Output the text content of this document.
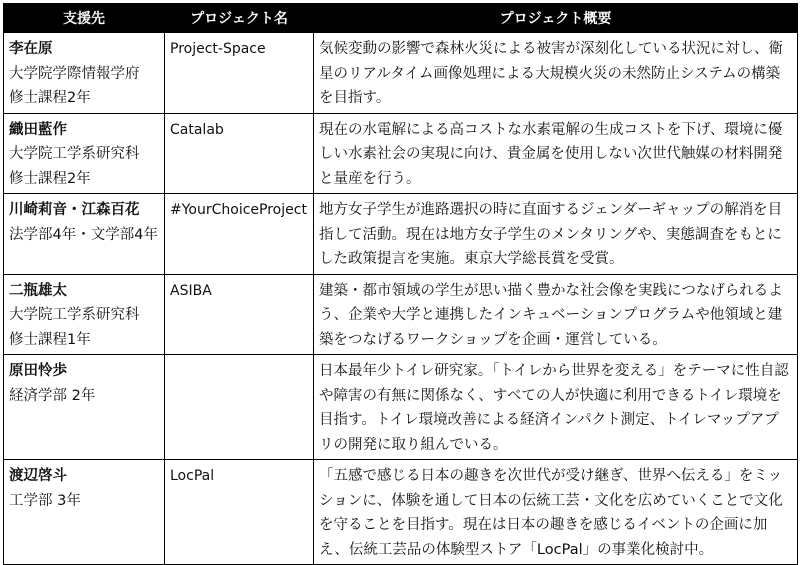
支援先	プロジェクト名	プロジェクト概要

李在原
大学院学際情報学府
修士課程2年	Project-Space	気候変動の影響で森林火災による被害が深刻化している状況に対し、衛星のリアルタイム画像処理による大規模火災の未然防止システムの構築を目指す。

織田藍作
大学院工学系研究科
修士課程2年	Catalab	現在の水電解による高コストな水素電解の生成コストを下げ、環境に優しい水素社会の実現に向け、貴金属を使用しない次世代触媒の材料開発と量産を行う。

川崎莉音・江森百花
法学部4年・文学部4年	#YourChoiceProject	地方女子学生が進路選択の時に直面するジェンダーギャップの解消を目指して活動。現在は地方女子学生のメンタリングや、実態調査をもとにした政策提言を実施。東京大学総長賞を受賞。

二瓶雄太
大学院工学系研究科
修士課程1年	ASIBA	建築・都市領域の学生が思い描く豊かな社会像を実践につなげられるよう、企業や大学と連携したインキュベーションプログラムや他領域と建築をつなげるワークショップを企画・運営している。

原田怜歩
経済学部 2年		日本最年少トイレ研究家。「トイレから世界を変える」をテーマに性自認や障害の有無に関係なく、すべての人が快適に利用できるトイレ環境を目指す。トイレ環境改善による経済インパクト測定、トイレマップアプリの開発に取り組んでいる。

渡辺啓斗
工学部 3年	LocPal	「五感で感じる日本の趣きを次世代が受け継ぎ、世界へ伝える」をミッションに、体験を通して日本の伝統工芸・文化を広めていくことで文化を守ることを目指す。現在は日本の趣きを感じるイベントの企画に加え、伝統工芸品の体験型ストア「LocPal」の事業化検討中。
